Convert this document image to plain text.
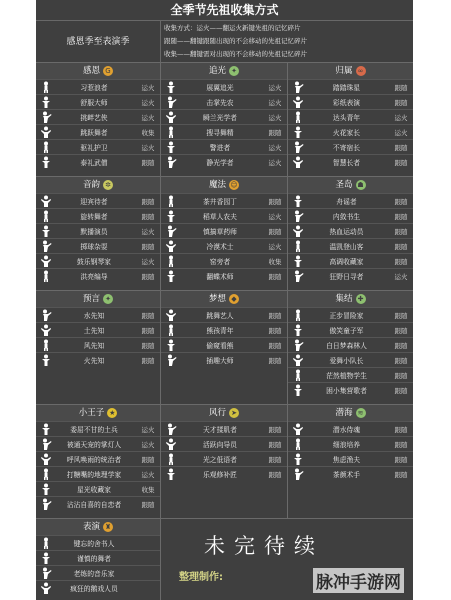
全季节先祖收集方式
感恩季至表演季
收集方式：运火——翻运火新键先祖的记忆碎片
跟随——翻键跟随出现的不会移动的先祖记忆碎片
收集——翻键需对出现的不会移动的先祖记忆碎片
感恩 G
习惹浪者	运火
舒服大师	运火
挑衅艺侠	运火
跳跃舞者	收集
驱礼护卫	运火
泰礼武僧	跟随
追光 ✦
展翼追光	运火
击掌先农	运火
瞬兰光学者	运火
搜寻舞精	跟随
警进者	运火
静光学者	运火
归属 ∞
踏踏珠星	跟随
彩纸表演	跟随
达头青年	运火
火花家长	运火
不寄宿长	跟随
智慧长者	跟随
音韵 ✲
迎宾待者	跟随
旋转舞者	跟随
默播演员	运火
掷球杂耍	跟随
鼓乐钢琴家	运火
洪亮编导	跟随
魔法 ☺
茶井香园丁	跟随
稻草人农夫	运火
慎搞草药师	跟随
冷漠术士	运火
窑旁者	收集
翻蝶术师	跟随
圣岛 ☗
舟谣者	跟随
内敛书生	跟随
热血运动员	跟随
温凯登山客	跟随
高调收藏家	跟随
狂野日寻者	运火
预言 ✦
水先知	跟随
土先知	跟随
风先知	跟随
火先知	跟随
梦想 ◆
跳舞艺人	跟随
熊孩青年	跟随
偷窥看熊	跟随
插趣大师	跟随
集结 ✚
正步冒险家	跟随
傲笑童子军	跟随
白日梦森林人	跟随
爱舞小队长	跟随
茫然植物学生	跟随
困小集营歌者	跟随
小王子 ★
委屈不甘的土兵	运火
被通天宠的掌灯人	运火
呼风唤雨的统治者	跟随
打糖嘴的地理学家	运火
星光收藏家	收集
沾沾自喜的自恋者	跟随
风行 ➤
天才揉肌者	跟随
活跃向导员	跟随
光之低语者	跟随
乐观修补匠	跟随
潜海 ≋
潜水侍魂	跟随
细浪培养	跟随
焦虑渔夫	跟随
茶颜术手	跟随
表演 ♜
键忘的舍书人
谨慎的舞者
老练的音乐家
疯狂的鹅戏人员
未完待续
整理制作:	脉冲手游网
